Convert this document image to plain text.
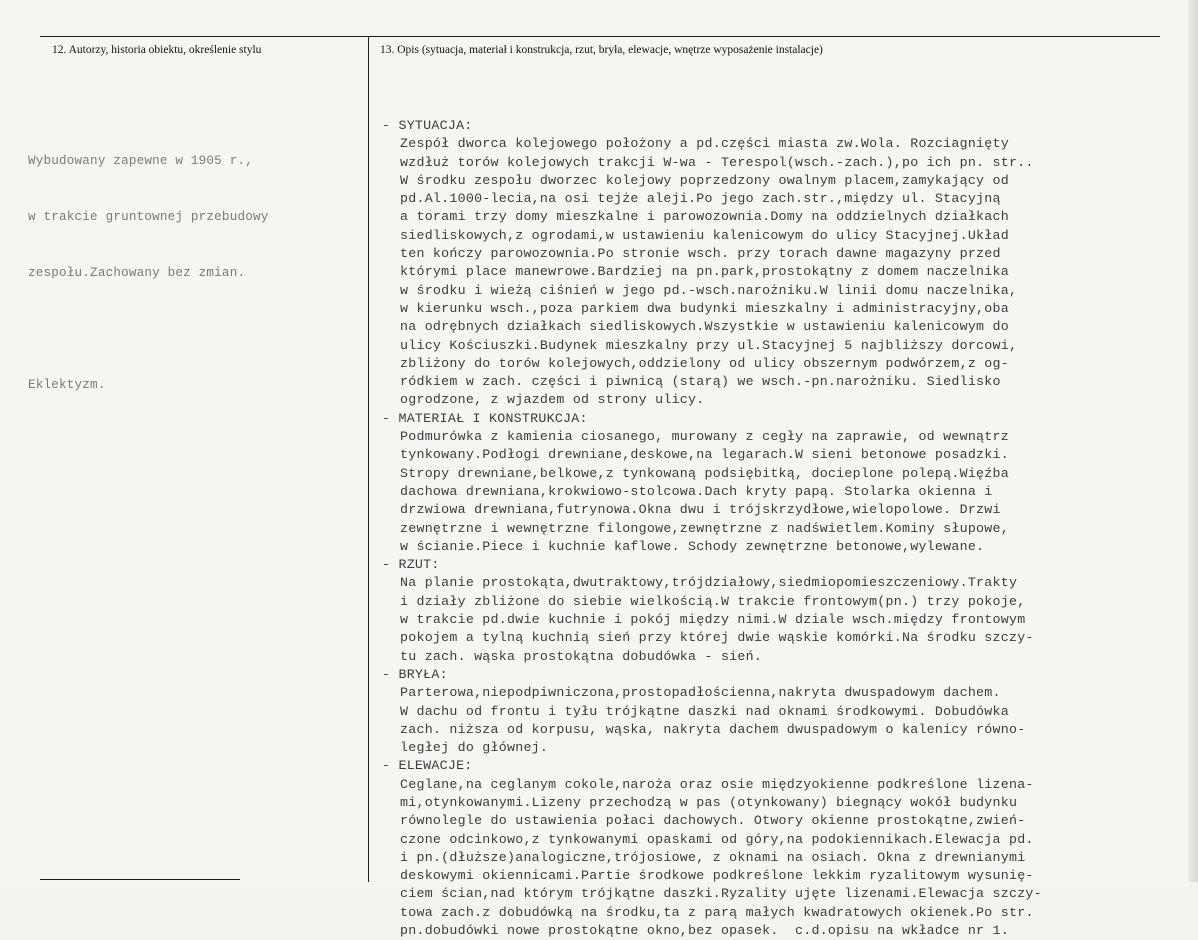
12. Autorzy, historia obiektu, określenie stylu	13. Opis (sytuacja, materiał i konstrukcja, rzut, bryła, elewacje, wnętrze wyposażenie instalacje)

Wybudowany zapewne w 1905 r.,

w trakcie gruntownej przebudowy

zespołu.Zachowany bez zmian.

Eklektyzm.

- SYTUACJA:
Zespół dworca kolejowego położony a pd.części miasta zw.Wola. Rozciagnięty
wzdłuż torów kolejowych trakcji W-wa - Terespol(wsch.-zach.),po ich pn. str..
W środku zespołu dworzec kolejowy poprzedzony owalnym placem,zamykający od
pd.Al.1000-lecia,na osi tejże aleji.Po jego zach.str.,między ul. Stacyjną
a torami trzy domy mieszkalne i parowozownia.Domy na oddzielnych działkach
siedliskowych,z ogrodami,w ustawieniu kalenicowym do ulicy Stacyjnej.Układ
ten kończy parowozownia.Po stronie wsch. przy torach dawne magazyny przed
którymi place manewrowe.Bardziej na pn.park,prostokątny z domem naczelnika
w środku i wieżą ciśnień w jego pd.-wsch.narożniku.W linii domu naczelnika,
w kierunku wsch.,poza parkiem dwa budynki mieszkalny i administracyjny,oba
na odrębnych działkach siedliskowych.Wszystkie w ustawieniu kalenicowym do
ulicy Kościuszki.Budynek mieszkalny przy ul.Stacyjnej 5 najbliższy dorcowi,
zbliżony do torów kolejowych,oddzielony od ulicy obszernym podwórzem,z og-
ródkiem w zach. części i piwnicą (starą) we wsch.-pn.narożniku. Siedlisko
ogrodzone, z wjazdem od strony ulicy.
- MATERIAŁ I KONSTRUKCJA:
Podmurówka z kamienia ciosanego, murowany z cegły na zaprawie, od wewnątrz
tynkowany.Podłogi drewniane,deskowe,na legarach.W sieni betonowe posadzki.
Stropy drewniane,belkowe,z tynkowaną podsiębitką, docieplone polepą.Więźba
dachowa drewniana,krokwiowo-stolcowa.Dach kryty papą. Stolarka okienna i
drzwiowa drewniana,futrynowa.Okna dwu i trójskrzydłowe,wielopolowe. Drzwi
zewnętrzne i wewnętrzne filongowe,zewnętrzne z nadświetlem.Kominy słupowe,
w ścianie.Piece i kuchnie kaflowe. Schody zewnętrzne betonowe,wylewane.
- RZUT:
Na planie prostokąta,dwutraktowy,trójdziałowy,siedmiopomieszczeniowy.Trakty
i działy zbliżone do siebie wielkością.W trakcie frontowym(pn.) trzy pokoje,
w trakcie pd.dwie kuchnie i pokój między nimi.W dziale wsch.między frontowym
pokojem a tylną kuchnią sień przy której dwie wąskie komórki.Na środku szczy-
tu zach. wąska prostokątna dobudówka - sień.
- BRYŁA:
Parterowa,niepodpiwniczona,prostopadłościenna,nakryta dwuspadowym dachem.
W dachu od frontu i tyłu trójkątne daszki nad oknami środkowymi. Dobudówka
zach. niższa od korpusu, wąska, nakryta dachem dwuspadowym o kalenicy równo-
ległej do głównej.
- ELEWACJE:
Ceglane,na ceglanym cokole,naroża oraz osie międzyokienne podkreślone lizena-
mi,otynkowanymi.Lizeny przechodzą w pas (otynkowany) biegnący wokół budynku
równolegle do ustawienia połaci dachowych. Otwory okienne prostokątne,zwień-
czone odcinkowo,z tynkowanymi opaskami od góry,na podokiennikach.Elewacja pd.
i pn.(dłuższe)analogiczne,trójosiowe, z oknami na osiach. Okna z drewnianymi
deskowymi okiennicami.Partie środkowe podkreślone lekkim ryzalitowym wysunię-
ciem ścian,nad którym trójkątne daszki.Ryzality ujęte lizenami.Elewacja szczy-
towa zach.z dobudówką na środku,ta z parą małych kwadratowych okienek.Po str.
pn.dobudówki nowe prostokątne okno,bez opasek.  c.d.opisu na wkładce nr 1.
